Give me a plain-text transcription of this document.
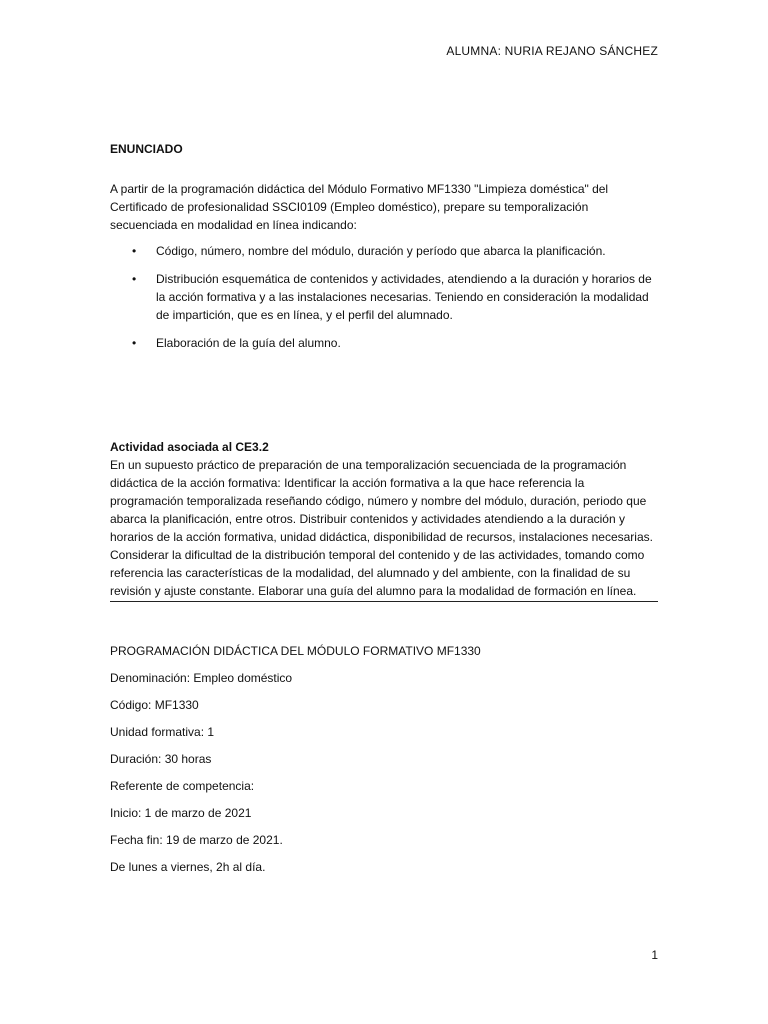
ALUMNA: NURIA REJANO SÁNCHEZ

ENUNCIADO

A partir de la programación didáctica del Módulo Formativo MF1330 "Limpieza doméstica" del Certificado de profesionalidad SSCI0109 (Empleo doméstico), prepare su temporalización secuenciada en modalidad en línea indicando:

• Código, número, nombre del módulo, duración y período que abarca la planificación.
• Distribución esquemática de contenidos y actividades, atendiendo a la duración y horarios de la acción formativa y a las instalaciones necesarias. Teniendo en consideración la modalidad de impartición, que es en línea, y el perfil del alumnado.
• Elaboración de la guía del alumno.
Actividad asociada al CE3.2
En un supuesto práctico de preparación de una temporalización secuenciada de la programación didáctica de la acción formativa: Identificar la acción formativa a la que hace referencia la programación temporalizada reseñando código, número y nombre del módulo, duración, periodo que abarca la planificación, entre otros. Distribuir contenidos y actividades atendiendo a la duración y horarios de la acción formativa, unidad didáctica, disponibilidad de recursos, instalaciones necesarias. Considerar la dificultad de la distribución temporal del contenido y de las actividades, tomando como referencia las características de la modalidad, del alumnado y del ambiente, con la finalidad de su revisión y ajuste constante. Elaborar una guía del alumno para la modalidad de formación en línea.

PROGRAMACIÓN DIDÁCTICA DEL MÓDULO FORMATIVO MF1330

Denominación: Empleo doméstico

Código: MF1330

Unidad formativa: 1

Duración: 30 horas

Referente de competencia:

Inicio: 1 de marzo de 2021

Fecha fin: 19 de marzo de 2021.

De lunes a viernes, 2h al día.

1
